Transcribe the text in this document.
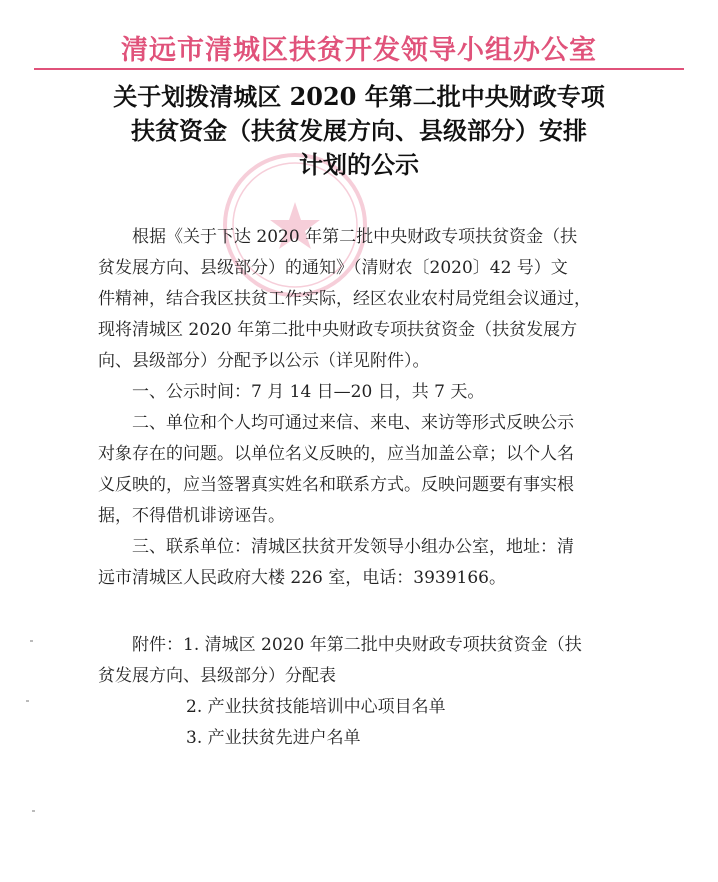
清远市清城区扶贫开发领导小组办公室
关于划拨清城区 2020 年第二批中央财政专项
扶贫资金（扶贫发展方向、县级部分）安排
计划的公示
根据《关于下达 2020 年第二批中央财政专项扶贫资金（扶
贫发展方向、县级部分）的通知》（清财农〔2020〕42 号）文
件精神，结合我区扶贫工作实际，经区农业农村局党组会议通过，
现将清城区 2020 年第二批中央财政专项扶贫资金（扶贫发展方
向、县级部分）分配予以公示（详见附件）。
一、公示时间：7 月 14 日—20 日，共 7 天。
二、单位和个人均可通过来信、来电、来访等形式反映公示
对象存在的问题。以单位名义反映的，应当加盖公章；以个人名
义反映的，应当签署真实姓名和联系方式。反映问题要有事实根
据，不得借机诽谤诬告。
三、联系单位：清城区扶贫开发领导小组办公室，地址：清
远市清城区人民政府大楼 226 室，电话：3939166。
附件：1. 清城区 2020 年第二批中央财政专项扶贫资金（扶
贫发展方向、县级部分）分配表
2. 产业扶贫技能培训中心项目名单
3. 产业扶贫先进户名单
